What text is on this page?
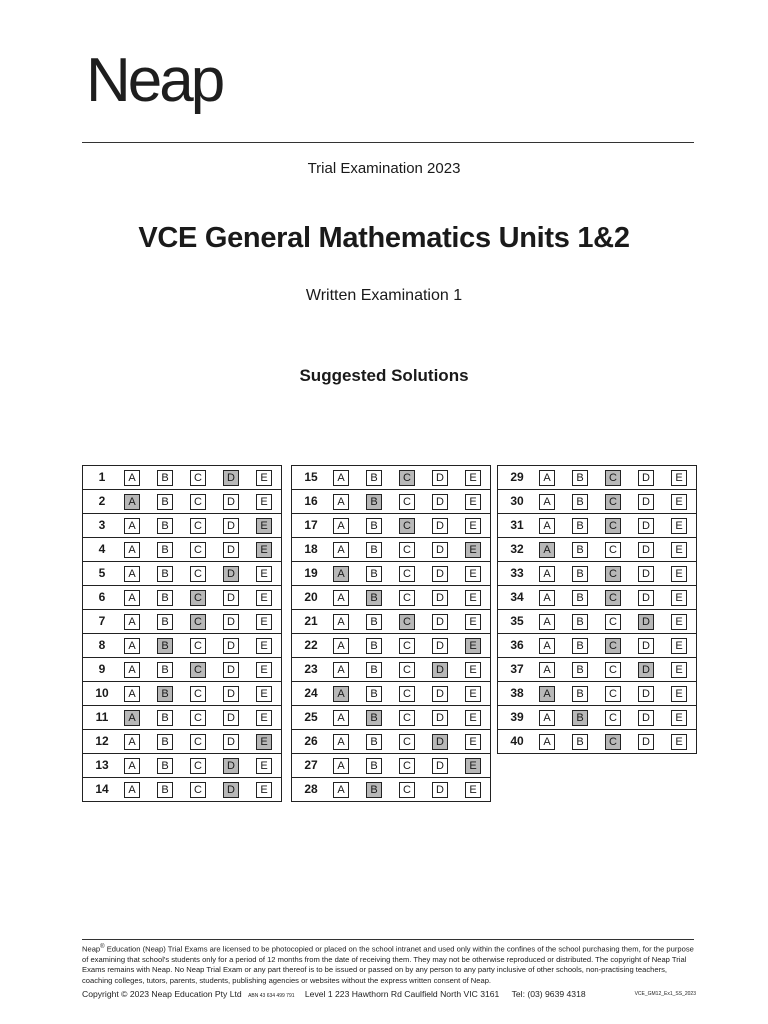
Neap
Trial Examination 2023
VCE General Mathematics Units 1&2
Written Examination 1
Suggested Solutions
1	A	B	C	D	E
2	A	B	C	D	E
3	A	B	C	D	E
4	A	B	C	D	E
5	A	B	C	D	E
6	A	B	C	D	E
7	A	B	C	D	E
8	A	B	C	D	E
9	A	B	C	D	E
10	A	B	C	D	E
11	A	B	C	D	E
12	A	B	C	D	E
13	A	B	C	D	E
14	A	B	C	D	E
15	A	B	C	D	E
16	A	B	C	D	E
17	A	B	C	D	E
18	A	B	C	D	E
19	A	B	C	D	E
20	A	B	C	D	E
21	A	B	C	D	E
22	A	B	C	D	E
23	A	B	C	D	E
24	A	B	C	D	E
25	A	B	C	D	E
26	A	B	C	D	E
27	A	B	C	D	E
28	A	B	C	D	E
29	A	B	C	D	E
30	A	B	C	D	E
31	A	B	C	D	E
32	A	B	C	D	E
33	A	B	C	D	E
34	A	B	C	D	E
35	A	B	C	D	E
36	A	B	C	D	E
37	A	B	C	D	E
38	A	B	C	D	E
39	A	B	C	D	E
40	A	B	C	D	E
Neap® Education (Neap) Trial Exams are licensed to be photocopied or placed on the school intranet and used only within the confines of the school purchasing them, for the purpose of examining that school's students only for a period of 12 months from the date of receiving them. They may not be otherwise reproduced or distributed. The copyright of Neap Trial Exams remains with Neap. No Neap Trial Exam or any part thereof is to be issued or passed on by any person to any party inclusive of other schools, non-practising teachers, coaching colleges, tutors, parents, students, publishing agencies or websites without the express written consent of Neap.
Copyright © 2023 Neap Education Pty Ltd ABN 43 634 499 791 Level 1 223 Hawthorn Rd Caulfield North VIC 3161 Tel: (03) 9639 4318	VCE_GM12_Ex1_SS_2023
